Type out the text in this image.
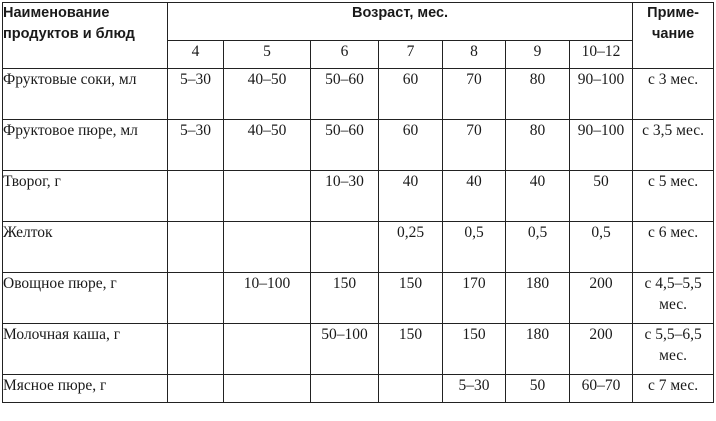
Наименование продуктов и блюд	Возраст, мес.							Приме-чание
	4	5	6	7	8	9	10–12	
Фруктовые соки, мл	5–30	40–50	50–60	60	70	80	90–100	с 3 мес.
Фруктовое пюре, мл	5–30	40–50	50–60	60	70	80	90–100	с 3,5 мес.
Творог, г			10–30	40	40	40	50	с 5 мес.
Желток				0,25	0,5	0,5	0,5	с 6 мес.
Овощное пюре, г		10–100	150	150	170	180	200	с 4,5–5,5 мес.
Молочная каша, г			50–100	150	150	180	200	с 5,5–6,5 мес.
Мясное пюре, г					5–30	50	60–70	с 7 мес.
